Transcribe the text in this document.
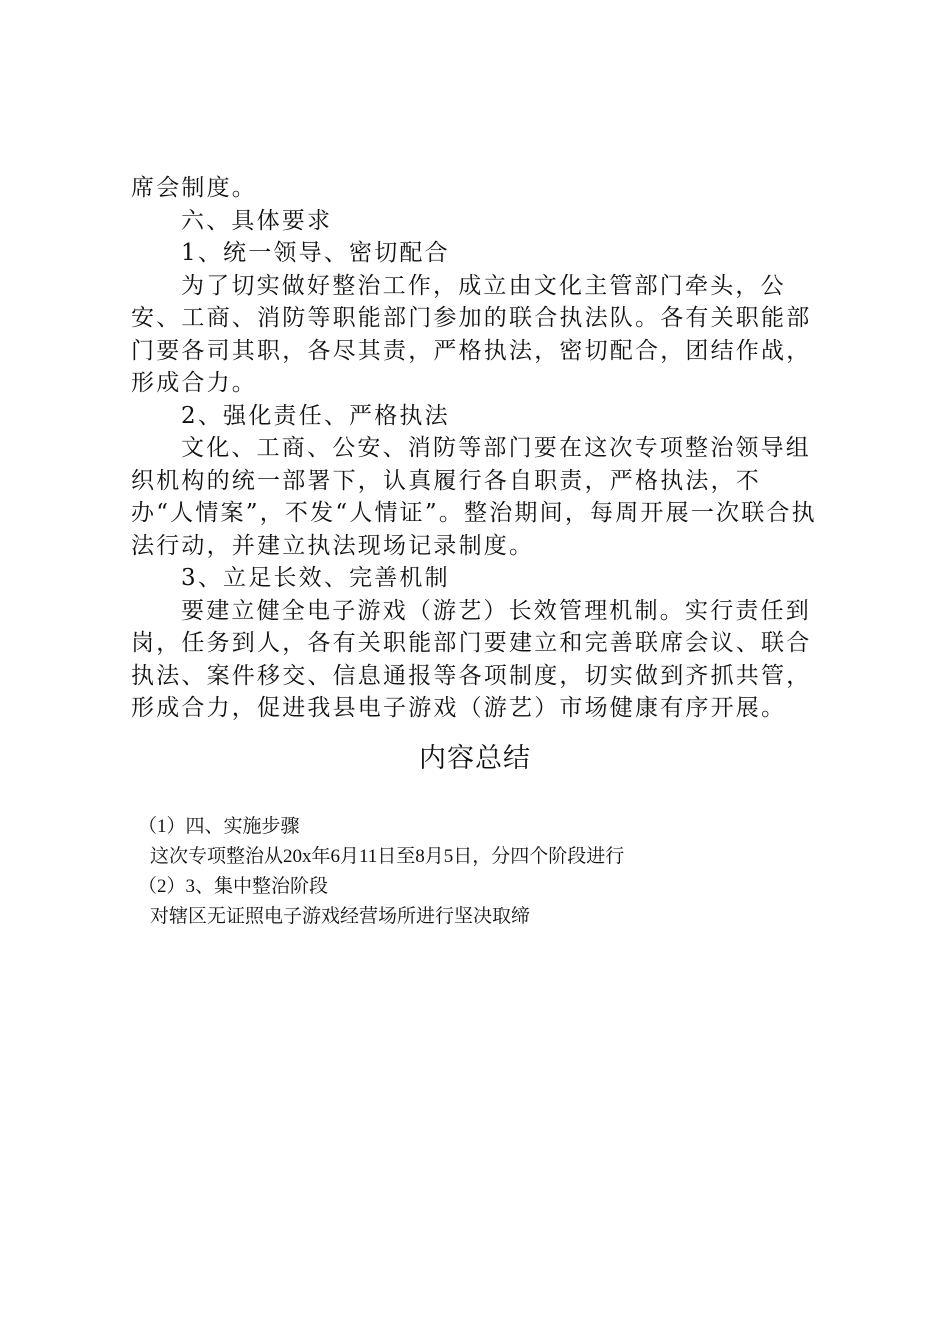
席会制度。

六、具体要求

1、统一领导、密切配合

为了切实做好整治工作，成立由文化主管部门牵头，公安、工商、消防等职能部门参加的联合执法队。各有关职能部门要各司其职，各尽其责，严格执法，密切配合，团结作战，形成合力。

2、强化责任、严格执法

文化、工商、公安、消防等部门要在这次专项整治领导组织机构的统一部署下，认真履行各自职责，严格执法，不办“人情案”，不发“人情证”。整治期间，每周开展一次联合执法行动，并建立执法现场记录制度。

3、立足长效、完善机制

要建立健全电子游戏（游艺）长效管理机制。实行责任到岗，任务到人，各有关职能部门要建立和完善联席会议、联合执法、案件移交、信息通报等各项制度，切实做到齐抓共管，形成合力，促进我县电子游戏（游艺）市场健康有序开展。

内容总结

（1）四、实施步骤

这次专项整治从20x年6月11日至8月5日，分四个阶段进行

（2）3、集中整治阶段

对辖区无证照电子游戏经营场所进行坚决取缔
